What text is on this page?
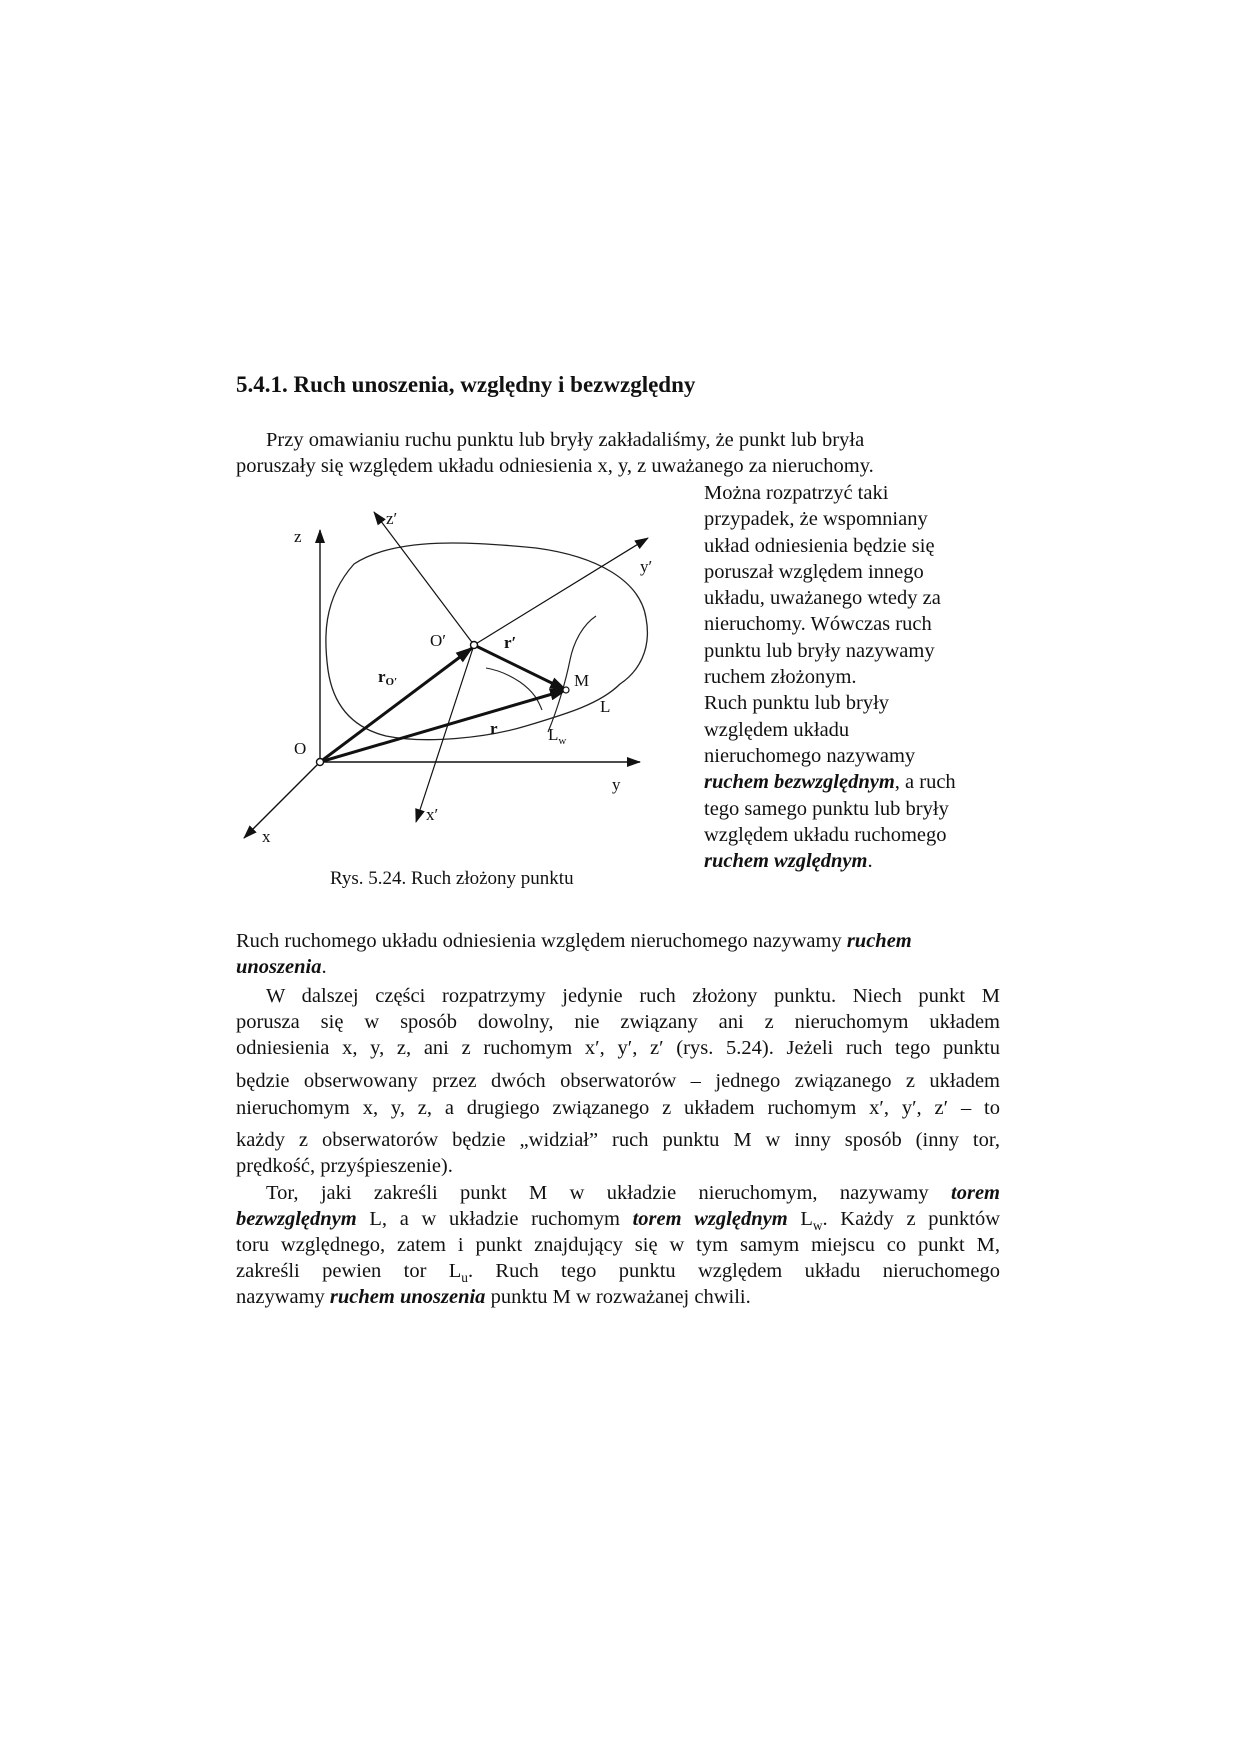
5.4.1. Ruch unoszenia, względny i bezwzględny

Przy omawianiu ruchu punktu lub bryły zakładaliśmy, że punkt lub bryła

poruszały się względem układu odniesienia x, y, z uważanego za nieruchomy.

z
z′
y′
O′	r′
rO′	M
L
r	$L_w$
O
y
x′
x
Rys. 5.24. Ruch złożony punktu
Można rozpatrzyć taki
przypadek, że wspomniany
układ odniesienia będzie się
poruszał względem innego
układu, uważanego wtedy za
nieruchomy. Wówczas ruch
punktu lub bryły nazywamy
ruchem złożonym.
Ruch punktu lub bryły
względem układu
nieruchomego nazywamy
ruchem bezwzględnym, a ruch
tego samego punktu lub bryły
względem układu ruchomego
ruchem względnym.

Ruch ruchomego układu odniesienia względem nieruchomego nazywamy ruchem

unoszenia.

W dalszej części rozpatrzymy jedynie ruch złożony punktu. Niech punkt M

porusza się w sposób dowolny, nie związany ani z nieruchomym układem

odniesienia x, y, z, ani z ruchomym x′, y′, z′ (rys. 5.24). Jeżeli ruch tego punktu

będzie obserwowany przez dwóch obserwatorów – jednego związanego z układem

nieruchomym x, y, z, a drugiego związanego z układem ruchomym x′, y′, z′ – to

każdy z obserwatorów będzie „widział” ruch punktu M w inny sposób (inny tor,

prędkość, przyśpieszenie).

Tor, jaki zakreśli punkt M w układzie nieruchomym, nazywamy torem

bezwzględnym L, a w układzie ruchomym torem względnym $L_w$. Każdy z punktów

toru względnego, zatem i punkt znajdujący się w tym samym miejscu co punkt M,

zakreśli pewien tor $L_u$. Ruch tego punktu względem układu nieruchomego

nazywamy ruchem unoszenia punktu M w rozważanej chwili.
